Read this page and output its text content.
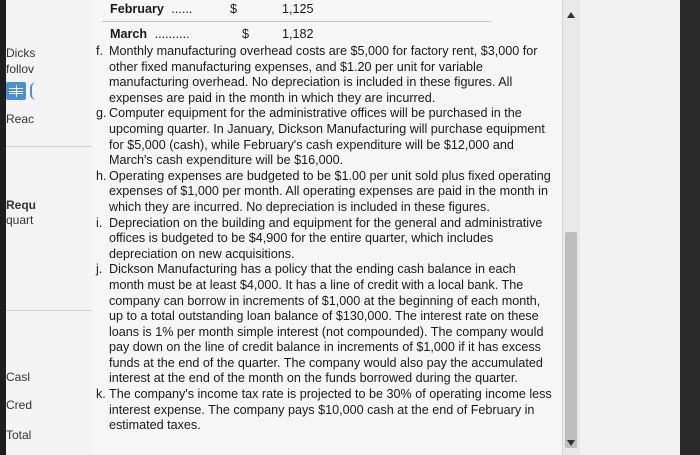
Dicks
follov
Reac
Requ
quart
Casl
Cred
Total
February ......	$	1,125
March ..........	$	1,182
f. Monthly manufacturing overhead costs are $5,000 for factory rent, $3,000 for other fixed manufacturing expenses, and $1.20 per unit for variable manufacturing overhead. No depreciation is included in these figures. All expenses are paid in the month in which they are incurred.
g. Computer equipment for the administrative offices will be purchased in the upcoming quarter. In January, Dickson Manufacturing will purchase equipment for $5,000 (cash), while February's cash expenditure will be $12,000 and March's cash expenditure will be $16,000.
h. Operating expenses are budgeted to be $1.00 per unit sold plus fixed operating expenses of $1,000 per month. All operating expenses are paid in the month in which they are incurred. No depreciation is included in these figures.
i. Depreciation on the building and equipment for the general and administrative offices is budgeted to be $4,900 for the entire quarter, which includes depreciation on new acquisitions.
j. Dickson Manufacturing has a policy that the ending cash balance in each month must be at least $4,000. It has a line of credit with a local bank. The company can borrow in increments of $1,000 at the beginning of each month, up to a total outstanding loan balance of $130,000. The interest rate on these loans is 1% per month simple interest (not compounded). The company would pay down on the line of credit balance in increments of $1,000 if it has excess funds at the end of the quarter. The company would also pay the accumulated interest at the end of the month on the funds borrowed during the quarter.
k. The company's income tax rate is projected to be 30% of operating income less interest expense. The company pays $10,000 cash at the end of February in estimated taxes.
